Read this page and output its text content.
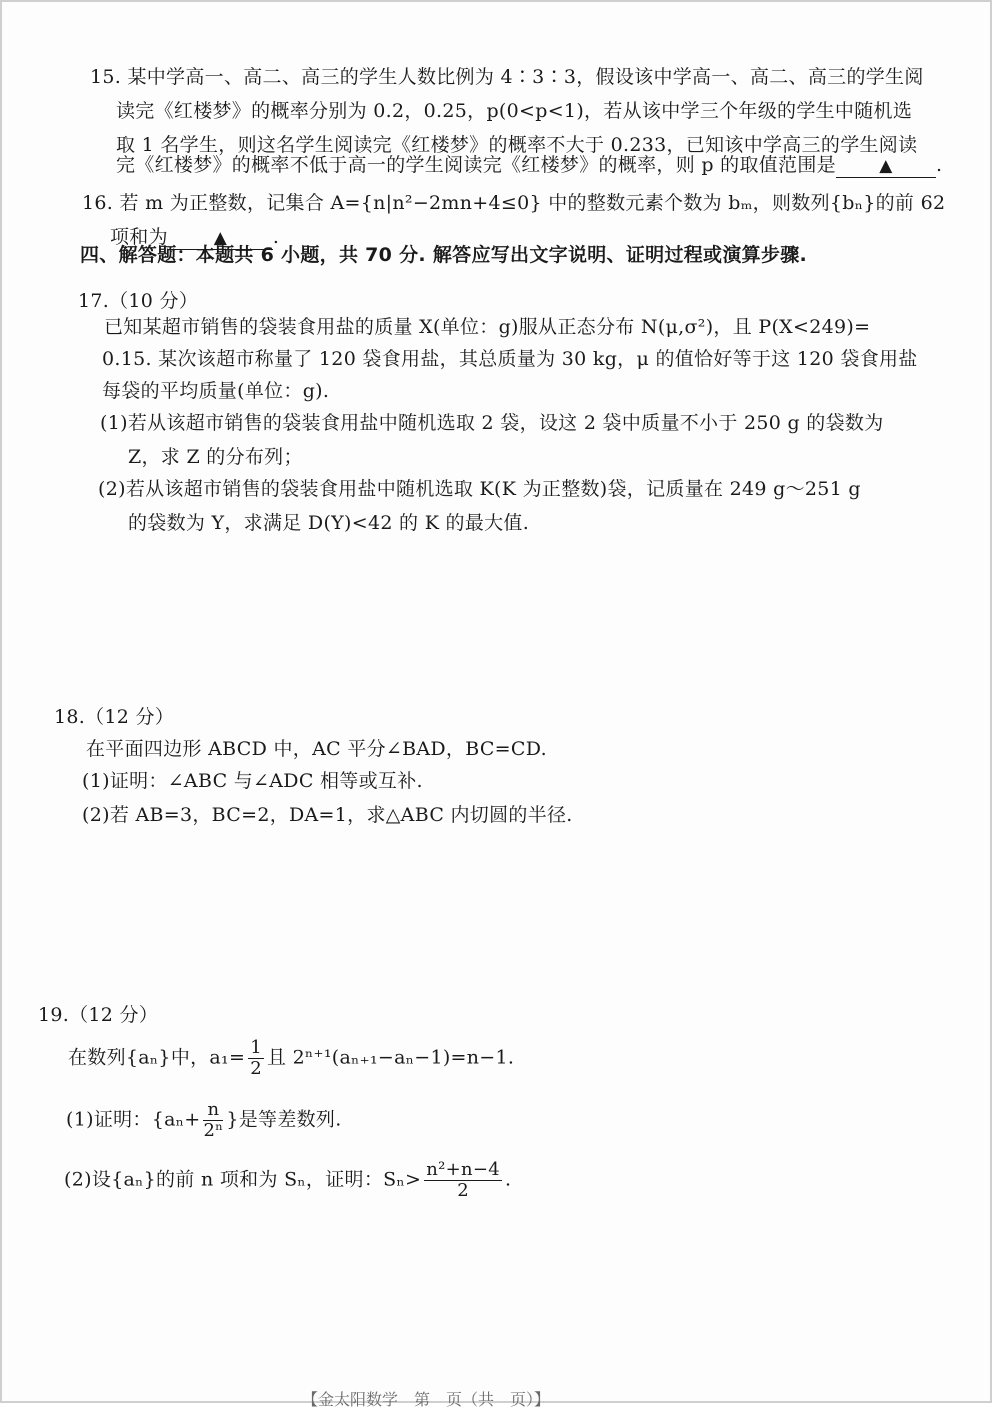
15. 某中学高一、高二、高三的学生人数比例为 4∶3∶3，假设该中学高一、高二、高三的学生阅
读完《红楼梦》的概率分别为 0.2，0.25，p(0<p<1)，若从该中学三个年级的学生中随机选
取 1 名学生，则这名学生阅读完《红楼梦》的概率不大于 0.233，已知该中学高三的学生阅读
完《红楼梦》的概率不低于高一的学生阅读完《红楼梦》的概率，则 p 的取值范围是	▲ .
16. 若 m 为正整数，记集合 A={n|n²−2mn+4≤0} 中的整数元素个数为 bₘ，则数列{bₙ}的前 62
项和为	▲ .
四、解答题：本题共 6 小题，共 70 分. 解答应写出文字说明、证明过程或演算步骤.
17.（10 分）
已知某超市销售的袋装食用盐的质量 X(单位：g)服从正态分布 N(μ,σ²)，且 P(X<249)=
0.15. 某次该超市称量了 120 袋食用盐，其总质量为 30 kg，μ 的值恰好等于这 120 袋食用盐
每袋的平均质量(单位：g).
(1)若从该超市销售的袋装食用盐中随机选取 2 袋，设这 2 袋中质量不小于 250 g 的袋数为
Z，求 Z 的分布列；
(2)若从该超市销售的袋装食用盐中随机选取 K(K 为正整数)袋，记质量在 249 g～251 g
的袋数为 Y，求满足 D(Y)<42 的 K 的最大值.
18.（12 分）
在平面四边形 ABCD 中，AC 平分∠BAD，BC=CD.
(1)证明：∠ABC 与∠ADC 相等或互补.
(2)若 AB=3，BC=2，DA=1，求△ABC 内切圆的半径.
19.（12 分）
在数列{aₙ}中，$a_1= \frac{1}{2}$ 且 2ⁿ⁺¹(aₙ₊₁−aₙ−1)=n−1.
(1)证明：{$a_n+ \frac{n}{\text{2ⁿ}}$ }是等差数列.
(2)设{aₙ}的前 n 项和为 Sₙ，证明：$S_n> \frac{\text{n²+n−4}}{2}$ .
【金太阳数学　第　页（共　页）】
